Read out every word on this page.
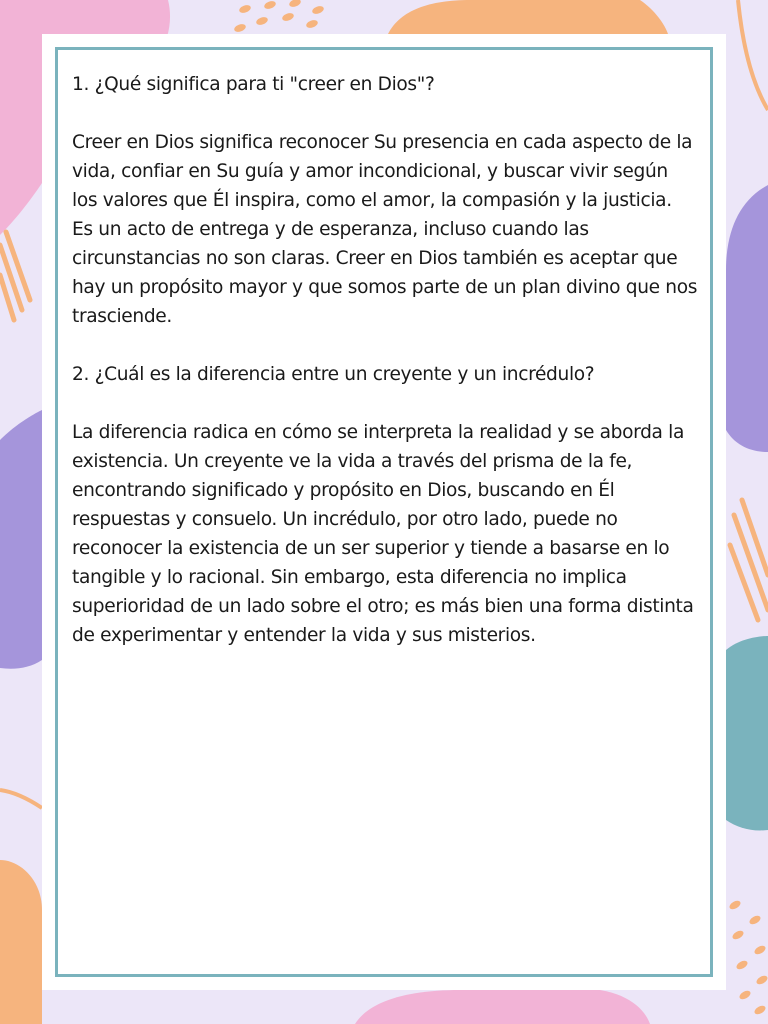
1. ¿Qué significa para ti "creer en Dios"?

Creer en Dios significa reconocer Su presencia en cada aspecto de la vida, confiar en Su guía y amor incondicional, y buscar vivir según los valores que Él inspira, como el amor, la compasión y la justicia. Es un acto de entrega y de esperanza, incluso cuando las circunstancias no son claras. Creer en Dios también es aceptar que hay un propósito mayor y que somos parte de un plan divino que nos trasciende.

2. ¿Cuál es la diferencia entre un creyente y un incrédulo?

La diferencia radica en cómo se interpreta la realidad y se aborda la existencia. Un creyente ve la vida a través del prisma de la fe, encontrando significado y propósito en Dios, buscando en Él respuestas y consuelo. Un incrédulo, por otro lado, puede no reconocer la existencia de un ser superior y tiende a basarse en lo tangible y lo racional. Sin embargo, esta diferencia no implica superioridad de un lado sobre el otro; es más bien una forma distinta de experimentar y entender la vida y sus misterios.
